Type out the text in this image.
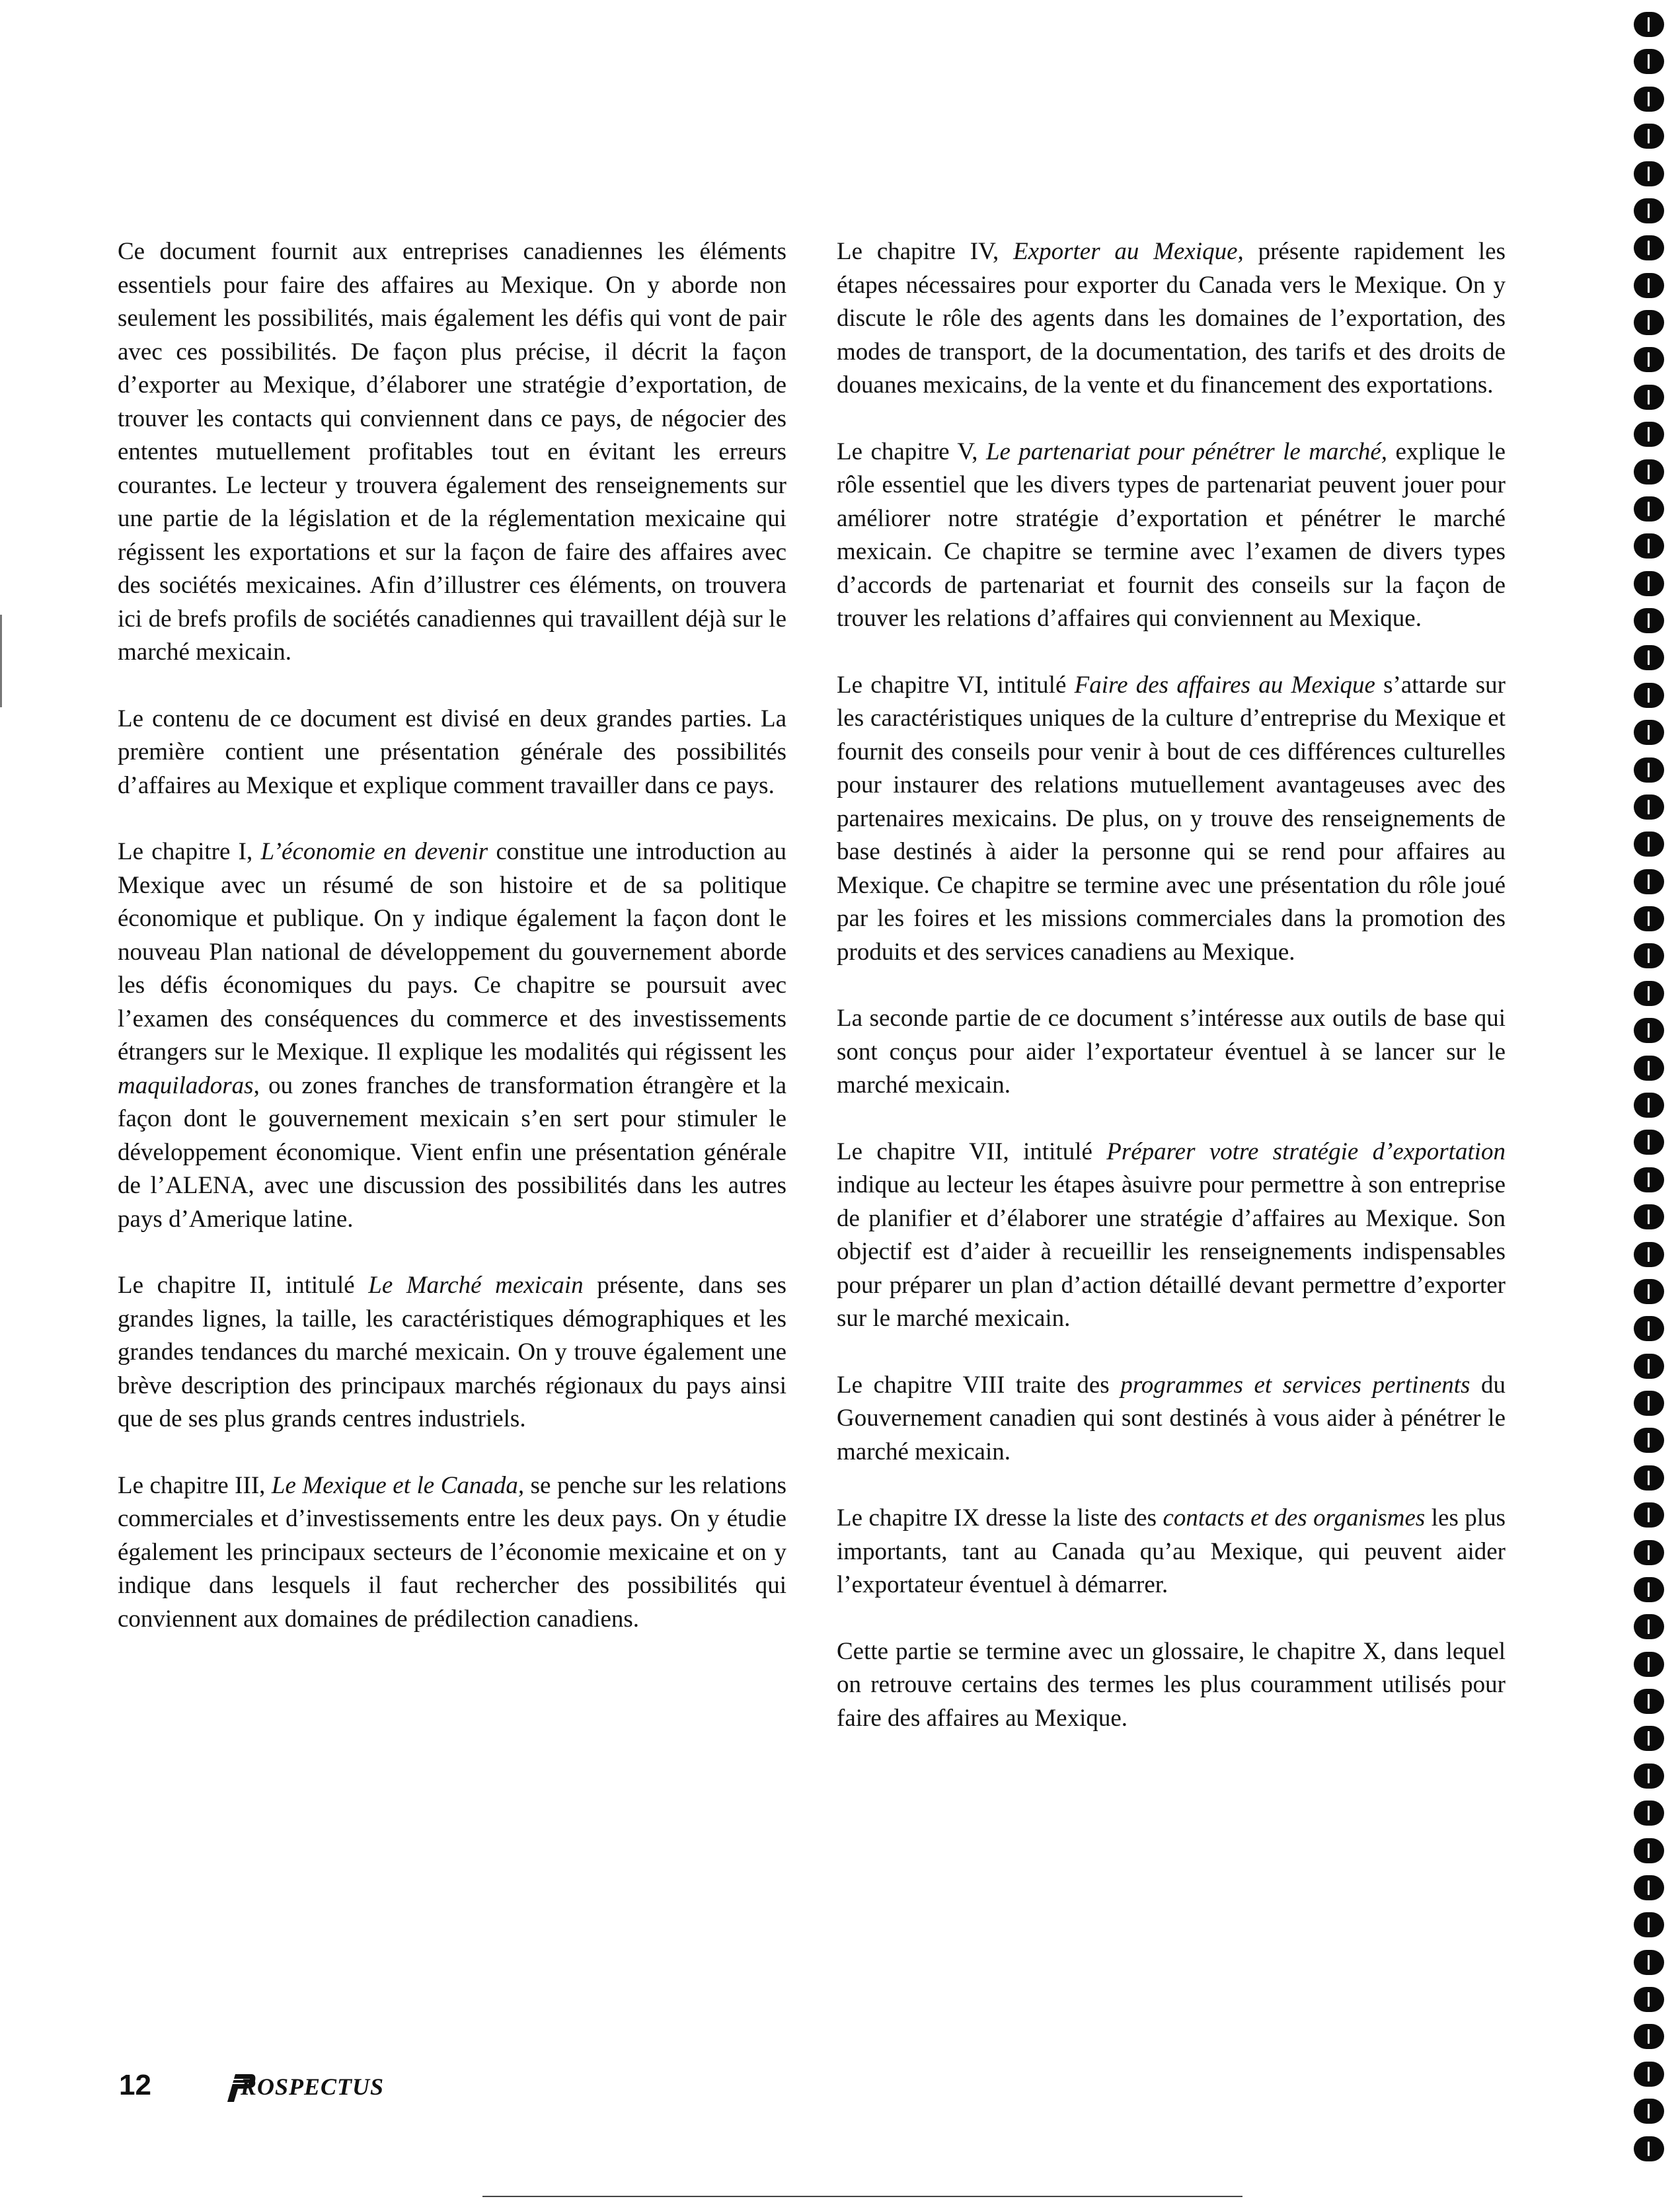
Ce document fournit aux entreprises canadiennes les éléments essentiels pour faire des affaires au Mexique. On y aborde non seulement les possibilités, mais également les défis qui vont de pair avec ces possibilités. De façon plus précise, il décrit la façon d’exporter au Mexique, d’élaborer une stratégie d’exportation, de trouver les contacts qui conviennent dans ce pays, de négocier des ententes mutuellement profitables tout en évitant les erreurs courantes. Le lecteur y trouvera également des renseignements sur une partie de la législation et de la réglementation mexicaine qui régissent les exportations et sur la façon de faire des affaires avec des sociétés mexicaines. Afin d’illustrer ces éléments, on trouvera ici de brefs profils de sociétés canadiennes qui travaillent déjà sur le marché mexicain.

Le contenu de ce document est divisé en deux grandes parties. La première contient une présentation générale des possibilités d’affaires au Mexique et explique comment travailler dans ce pays.

Le chapitre I, L’économie en devenir constitue une introduction au Mexique avec un résumé de son histoire et de sa politique économique et publique. On y indique également la façon dont le nouveau Plan national de développement du gouvernement aborde les défis économiques du pays. Ce chapitre se poursuit avec l’examen des conséquences du commerce et des investissements étrangers sur le Mexique. Il explique les modalités qui régissent les maquiladoras, ou zones franches de transformation étrangère et la façon dont le gouvernement mexicain s’en sert pour stimuler le développement économique. Vient enfin une présentation générale de l’ALENA, avec une discussion des possibilités dans les autres pays d’Amerique latine.

Le chapitre II, intitulé Le Marché mexicain présente, dans ses grandes lignes, la taille, les caractéristiques démographiques et les grandes tendances du marché mexicain. On y trouve également une brève description des principaux marchés régionaux du pays ainsi que de ses plus grands centres industriels.

Le chapitre III, Le Mexique et le Canada, se penche sur les relations commerciales et d’investissements entre les deux pays. On y étudie également les principaux secteurs de l’économie mexicaine et on y indique dans lesquels il faut rechercher des possibilités qui conviennent aux domaines de prédilection canadiens.

Le chapitre IV, Exporter au Mexique, présente rapidement les étapes nécessaires pour exporter du Canada vers le Mexique. On y discute le rôle des agents dans les domaines de l’exportation, des modes de transport, de la documentation, des tarifs et des droits de douanes mexicains, de la vente et du financement des exportations.

Le chapitre V, Le partenariat pour pénétrer le marché, explique le rôle essentiel que les divers types de partenariat peuvent jouer pour améliorer notre stratégie d’exportation et pénétrer le marché mexicain. Ce chapitre se termine avec l’examen de divers types d’accords de partenariat et fournit des conseils sur la façon de trouver les relations d’affaires qui conviennent au Mexique.

Le chapitre VI, intitulé Faire des affaires au Mexique s’attarde sur les caractéristiques uniques de la culture d’entreprise du Mexique et fournit des conseils pour venir à bout de ces différences culturelles pour instaurer des relations mutuellement avantageuses avec des partenaires mexicains. De plus, on y trouve des renseignements de base destinés à aider la personne qui se rend pour affaires au Mexique. Ce chapitre se termine avec une présentation du rôle joué par les foires et les missions commerciales dans la promotion des produits et des services canadiens au Mexique.

La seconde partie de ce document s’intéresse aux outils de base qui sont conçus pour aider l’exportateur éventuel à se lancer sur le marché mexicain.

Le chapitre VII, intitulé Préparer votre stratégie d’exportation indique au lecteur les étapes àsuivre pour permettre à son entreprise de planifier et d’élaborer une stratégie d’affaires au Mexique. Son objectif est d’aider à recueillir les renseignements indispensables pour préparer un plan d’action détaillé devant permettre d’exporter sur le marché mexicain.

Le chapitre VIII traite des programmes et services pertinents du Gouvernement canadien qui sont destinés à vous aider à pénétrer le marché mexicain.

Le chapitre IX dresse la liste des contacts et des organismes les plus importants, tant au Canada qu’au Mexique, qui peuvent aider l’exportateur éventuel à démarrer.

Cette partie se termine avec un glossaire, le chapitre X, dans lequel on retrouve certains des termes les plus couramment utilisés pour faire des affaires au Mexique.

12	ROSPECTUS
